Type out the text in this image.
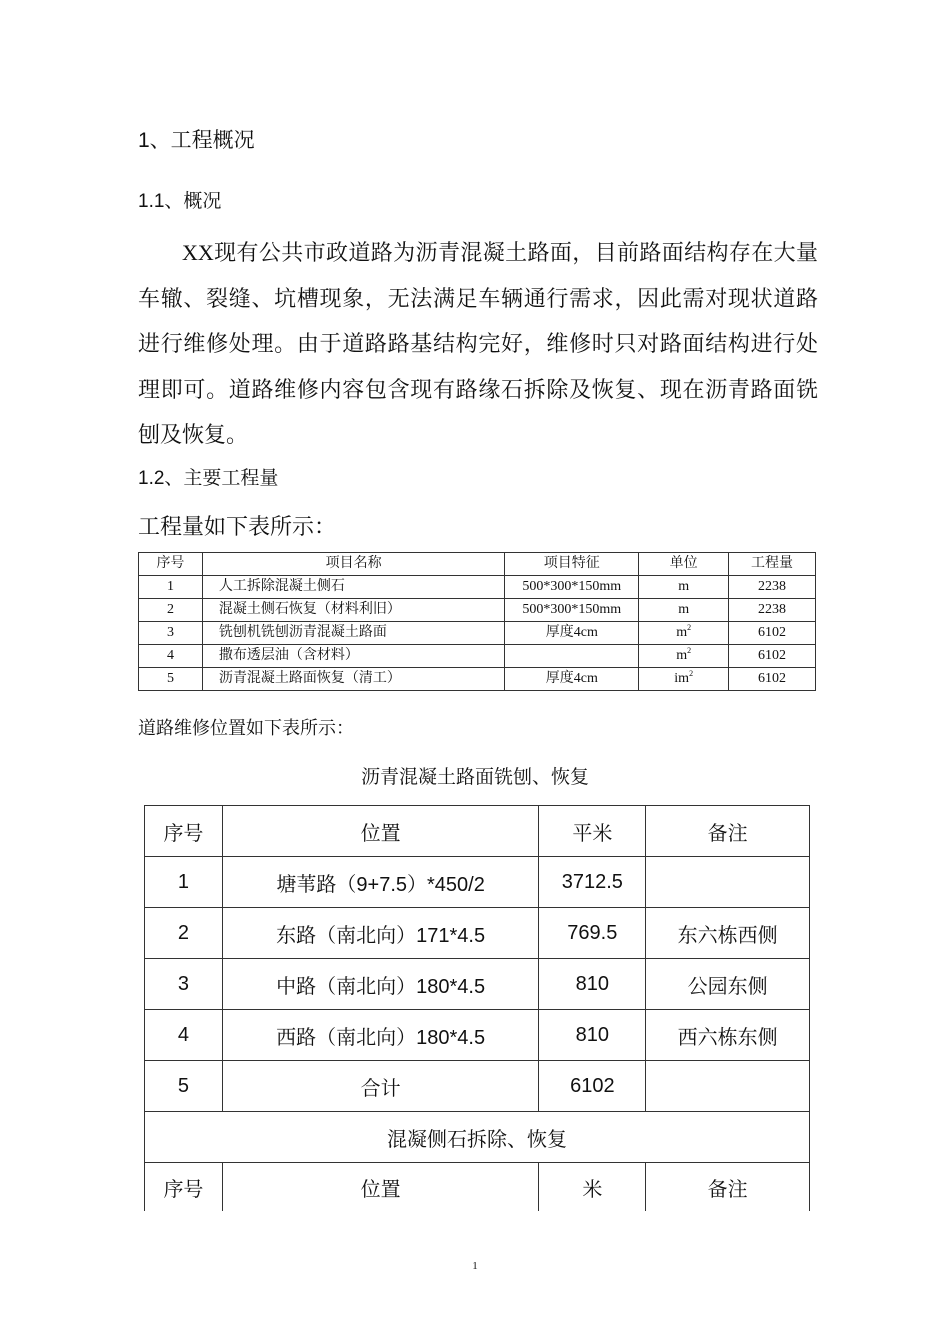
1、工程概况
1.1、概况
XX现有公共市政道路为沥青混凝土路面，目前路面结构存在大量车辙、裂缝、坑槽现象，无法满足车辆通行需求，因此需对现状道路进行维修处理。由于道路路基结构完好，维修时只对路面结构进行处理即可。道路维修内容包含现有路缘石拆除及恢复、现在沥青路面铣刨及恢复。
1.2、主要工程量
工程量如下表所示：
序号	项目名称	项目特征	单位	工程量
1	人工拆除混凝土侧石	500*300*150mm	m	2238
2	混凝土侧石恢复（材料利旧）	500*300*150mm	m	2238
3	铣刨机铣刨沥青混凝土路面	厚度4cm	$m^2$	6102
4	撒布透层油（含材料）		$m^2$	6102
5	沥青混凝土路面恢复（清工）	厚度4cm	$im^2$	6102
道路维修位置如下表所示：
沥青混凝土路面铣刨、恢复
序号	位置	平米	备注
1	塘苇路（9+7.5）*450/2	3712.5	
2	东路（南北向）171*4.5	769.5	东六栋西侧
3	中路（南北向）180*4.5	810	公园东侧
4	西路（南北向）180*4.5	810	西六栋东侧
5	合计	6102	
混凝侧石拆除、恢复			
序号	位置	米	备注
1
